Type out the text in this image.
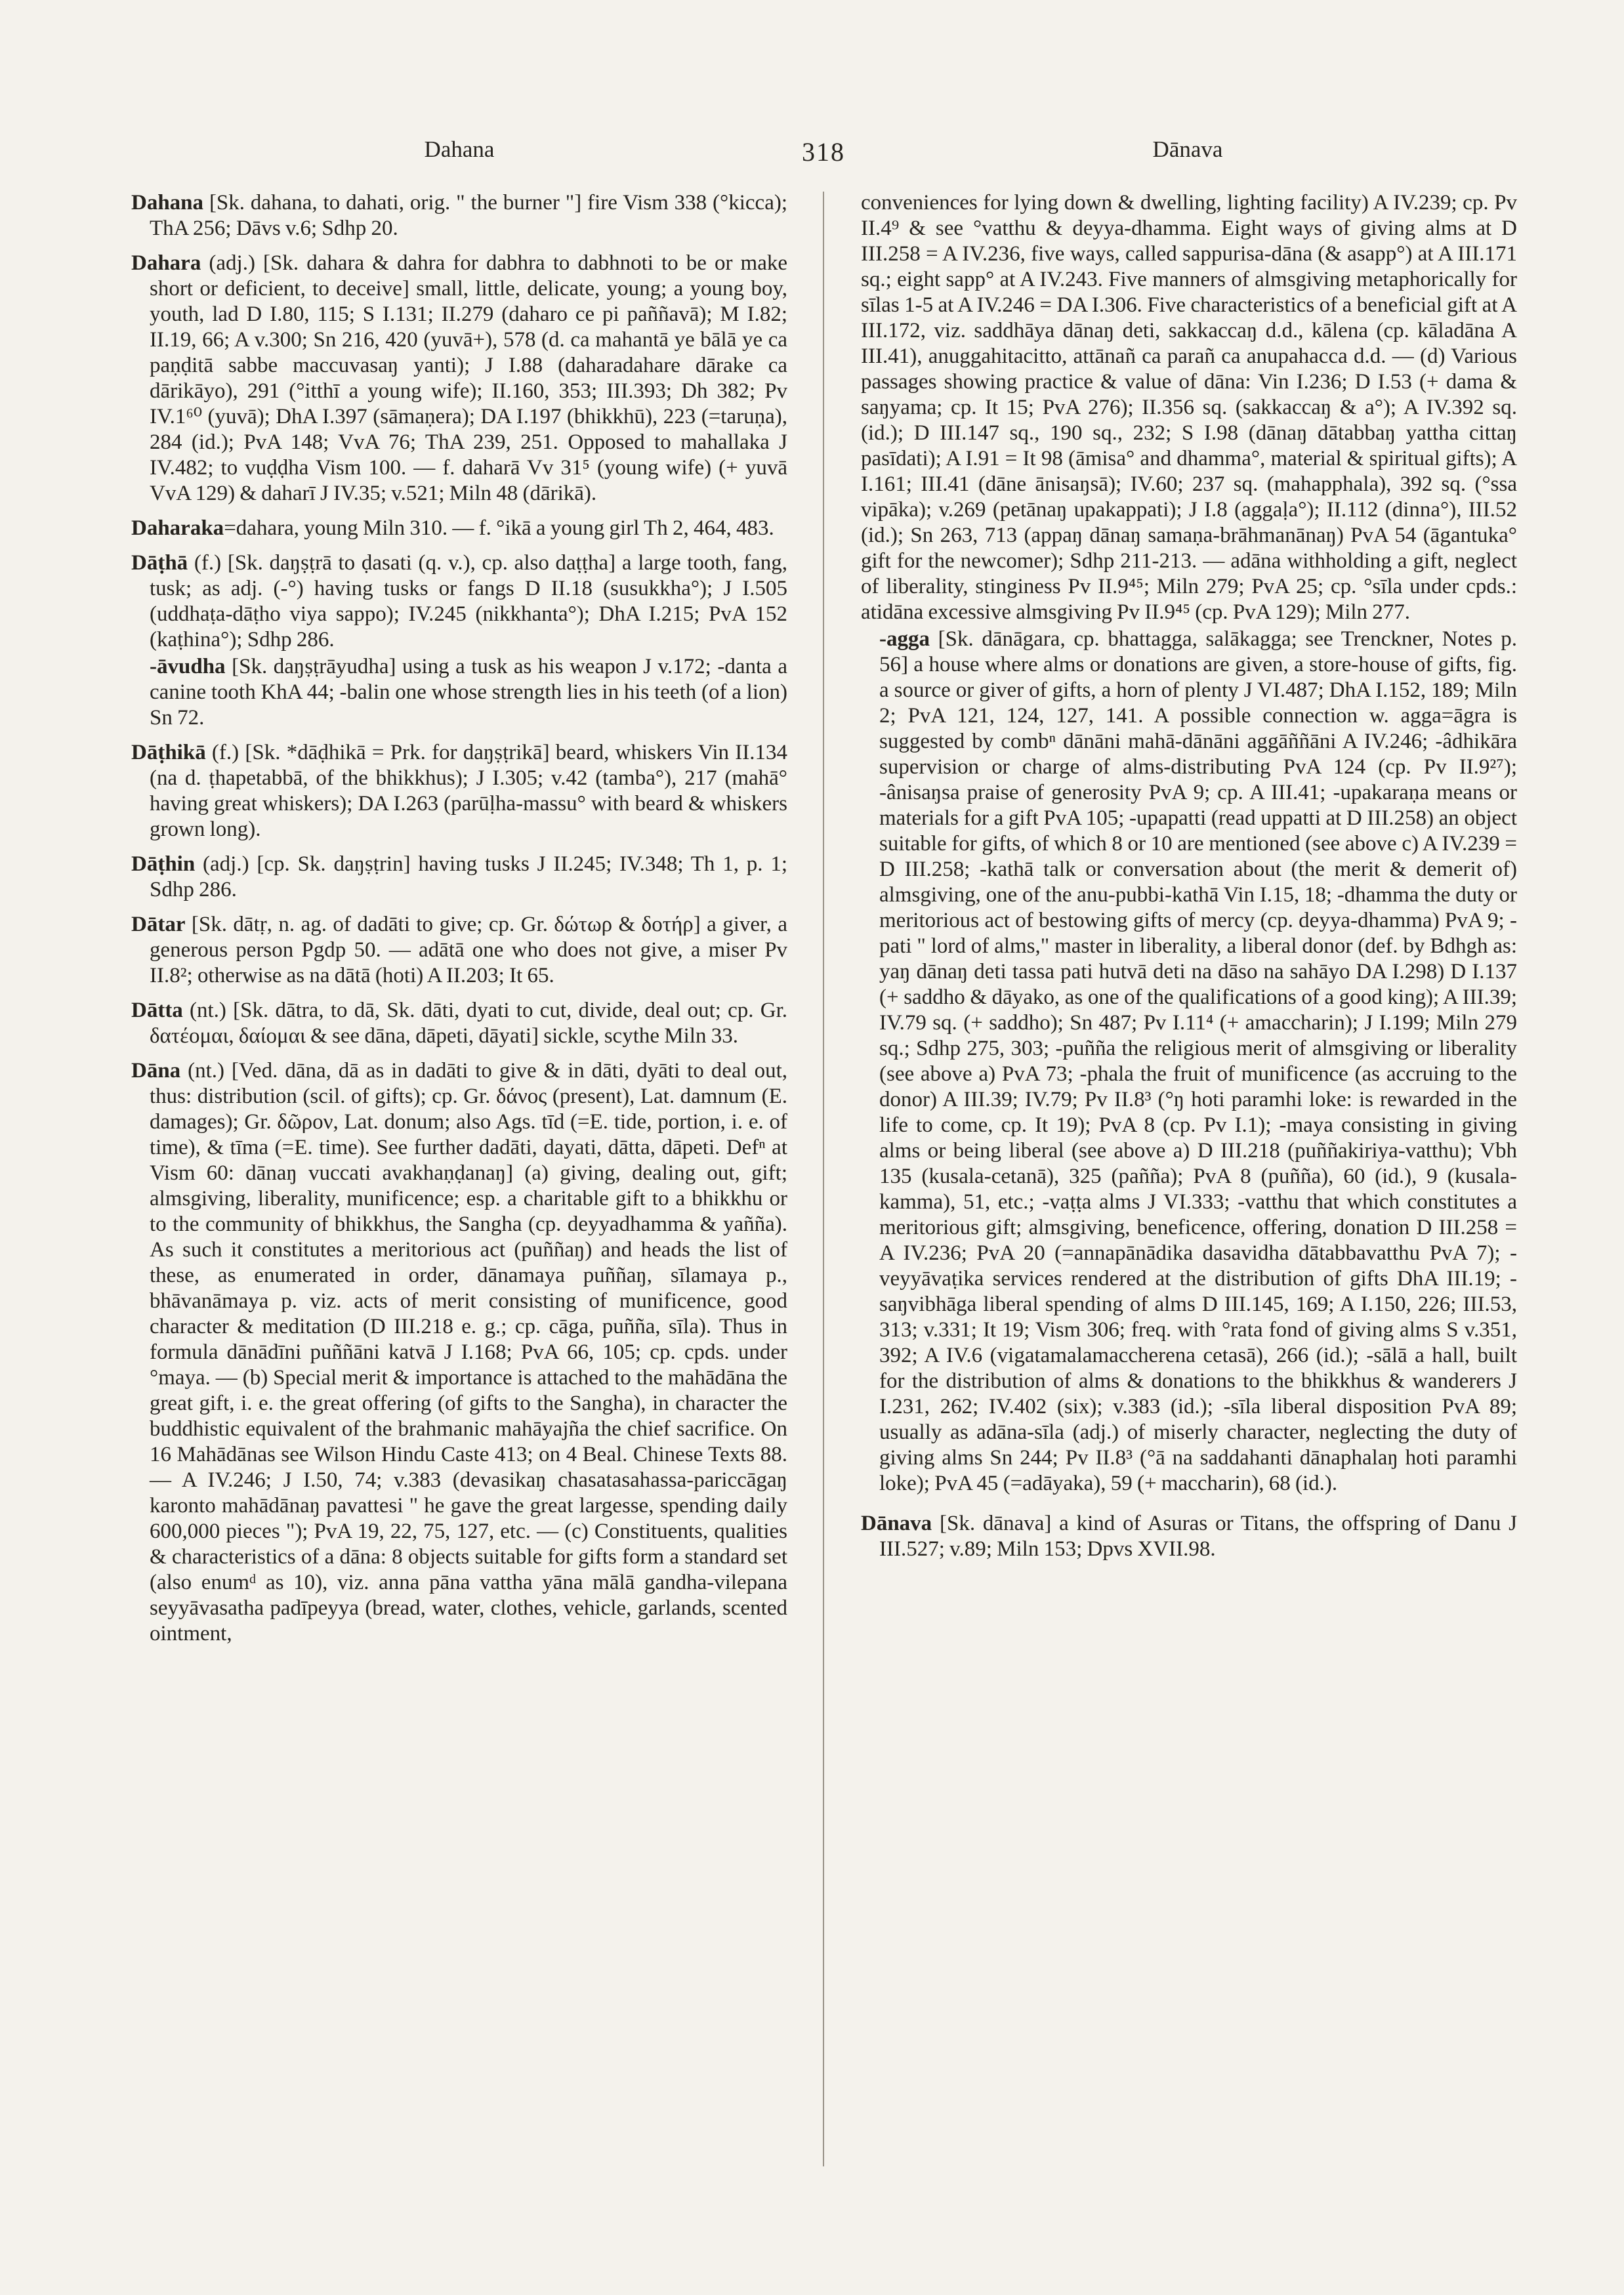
318
Dahana	Dānava

Dahana [Sk. dahana, to dahati, orig. " the burner "] fire Vism 338 (°kicca); ThA 256; Dāvs v.6; Sdhp 20.

Dahara (adj.) [Sk. dahara & dahra for dabhra to dabhnoti to be or make short or deficient, to deceive] small, little, delicate, young; a young boy, youth, lad D I.80, 115; S I.131; II.279 (daharo ce pi paññavā); M I.82; II.19, 66; A v.300; Sn 216, 420 (yuvā+), 578 (d. ca mahantā ye bālā ye ca paṇḍitā sabbe maccuvasaŋ yanti); J I.88 (daharadahare dārake ca dārikāyo), 291 (°itthī a young wife); II.160, 353; III.393; Dh 382; Pv IV.1⁶⁰ (yuvā); DhA I.397 (sāmaṇera); DA I.197 (bhikkhū), 223 (=taruṇa), 284 (id.); PvA 148; VvA 76; ThA 239, 251. Opposed to mahallaka J IV.482; to vuḍḍha Vism 100. — f. daharā Vv 31⁵ (young wife) (+ yuvā VvA 129) & daharī J IV.35; v.521; Miln 48 (dārikā).

Daharaka=dahara, young Miln 310. — f. °ikā a young girl Th 2, 464, 483.

Dāṭhā (f.) [Sk. daŋṣṭrā to ḍasati (q. v.), cp. also daṭṭha] a large tooth, fang, tusk; as adj. (-°) having tusks or fangs D II.18 (susukkha°); J I.505 (uddhaṭa-dāṭho viya sappo); IV.245 (nikkhanta°); DhA I.215; PvA 152 (kaṭhina°); Sdhp 286.

-āvudha [Sk. daŋṣṭrāyudha] using a tusk as his weapon J v.172; -danta a canine tooth KhA 44; -balin one whose strength lies in his teeth (of a lion) Sn 72.

Dāṭhikā (f.) [Sk. *dāḍhikā = Prk. for daŋṣṭrikā] beard, whiskers Vin II.134 (na d. ṭhapetabbā, of the bhikkhus); J I.305; v.42 (tamba°), 217 (mahā° having great whiskers); DA I.263 (parūḷha-massu° with beard & whiskers grown long).

Dāṭhin (adj.) [cp. Sk. daŋṣṭrin] having tusks J II.245; IV.348; Th 1, p. 1; Sdhp 286.

Dātar [Sk. dātṛ, n. ag. of dadāti to give; cp. Gr. δώτωρ & δοτήρ] a giver, a generous person Pgdp 50. — adātā one who does not give, a miser Pv II.8²; otherwise as na dātā (hoti) A II.203; It 65.

Dātta (nt.) [Sk. dātra, to dā, Sk. dāti, dyati to cut, divide, deal out; cp. Gr. δατέομαι, δαίομαι & see dāna, dāpeti, dāyati] sickle, scythe Miln 33.

Dāna (nt.) [Ved. dāna, dā as in dadāti to give & in dāti, dyāti to deal out, thus: distribution (scil. of gifts); cp. Gr. δάνος (present), Lat. damnum (E. damages); Gr. δῶρον, Lat. donum; also Ags. tīd (=E. tide, portion, i. e. of time), & tīma (=E. time). See further dadāti, dayati, dātta, dāpeti. Defⁿ at Vism 60: dānaŋ vuccati avakhaṇḍanaŋ] (a) giving, dealing out, gift; almsgiving, liberality, munificence; esp. a charitable gift to a bhikkhu or to the community of bhikkhus, the Sangha (cp. deyyadhamma & yañña). As such it constitutes a meritorious act (puññaŋ) and heads the list of these, as enumerated in order, dānamaya puññaŋ, sīlamaya p., bhāvanāmaya p. viz. acts of merit consisting of munificence, good character & meditation (D III.218 e. g.; cp. cāga, puñña, sīla). Thus in formula dānādīni puññāni katvā J I.168; PvA 66, 105; cp. cpds. under °maya. — (b) Special merit & importance is attached to the mahādāna the great gift, i. e. the great offering (of gifts to the Sangha), in character the buddhistic equivalent of the brahmanic mahāyajña the chief sacrifice. On 16 Mahādānas see Wilson Hindu Caste 413; on 4 Beal. Chinese Texts 88. — A IV.246; J I.50, 74; v.383 (devasikaŋ chasatasahassa-pariccāgaŋ karonto mahādānaŋ pavattesi " he gave the great largesse, spending daily 600,000 pieces "); PvA 19, 22, 75, 127, etc. — (c) Constituents, qualities & characteristics of a dāna: 8 objects suitable for gifts form a standard set (also enumᵈ as 10), viz. anna pāna vattha yāna mālā gandha-vilepana seyyāvasatha padīpeyya (bread, water, clothes, vehicle, garlands, scented ointment,

conveniences for lying down & dwelling, lighting facility) A IV.239; cp. Pv II.4⁹ & see °vatthu & deyya-dhamma. Eight ways of giving alms at D III.258 = A IV.236, five ways, called sappurisa-dāna (& asapp°) at A III.171 sq.; eight sapp° at A IV.243. Five manners of almsgiving metaphorically for sīlas 1-5 at A IV.246 = DA I.306. Five characteristics of a beneficial gift at A III.172, viz. saddhāya dānaŋ deti, sakkaccaŋ d.d., kālena (cp. kāladāna A III.41), anuggahitacitto, attānañ ca parañ ca anupahacca d.d. — (d) Various passages showing practice & value of dāna: Vin I.236; D I.53 (+ dama & saŋyama; cp. It 15; PvA 276); II.356 sq. (sakkaccaŋ & a°); A IV.392 sq. (id.); D III.147 sq., 190 sq., 232; S I.98 (dānaŋ dātabbaŋ yattha cittaŋ pasīdati); A I.91 = It 98 (āmisa° and dhamma°, material & spiritual gifts); A I.161; III.41 (dāne ānisaŋsā); IV.60; 237 sq. (mahapphala), 392 sq. (°ssa vipāka); v.269 (petānaŋ upakappati); J I.8 (aggaḷa°); II.112 (dinna°), III.52 (id.); Sn 263, 713 (appaŋ dānaŋ samaṇa-brāhmanānaŋ) PvA 54 (āgantuka° gift for the newcomer); Sdhp 211-213. — adāna withholding a gift, neglect of liberality, stinginess Pv II.9⁴⁵; Miln 279; PvA 25; cp. °sīla under cpds.: atidāna excessive almsgiving Pv II.9⁴⁵ (cp. PvA 129); Miln 277.

-agga [Sk. dānāgara, cp. bhattagga, salākagga; see Trenckner, Notes p. 56] a house where alms or donations are given, a store-house of gifts, fig. a source or giver of gifts, a horn of plenty J VI.487; DhA I.152, 189; Miln 2; PvA 121, 124, 127, 141. A possible connection w. agga=āgra is suggested by combⁿ dānāni mahā-dānāni aggāññāni A IV.246; -âdhikāra supervision or charge of alms-distributing PvA 124 (cp. Pv II.9²⁷); -ânisaŋsa praise of generosity PvA 9; cp. A III.41; -upakaraṇa means or materials for a gift PvA 105; -upapatti (read uppatti at D III.258) an object suitable for gifts, of which 8 or 10 are mentioned (see above c) A IV.239 = D III.258; -kathā talk or conversation about (the merit & demerit of) almsgiving, one of the anu-pubbi-kathā Vin I.15, 18; -dhamma the duty or meritorious act of bestowing gifts of mercy (cp. deyya-dhamma) PvA 9; -pati " lord of alms," master in liberality, a liberal donor (def. by Bdhgh as: yaŋ dānaŋ deti tassa pati hutvā deti na dāso na sahāyo DA I.298) D I.137 (+ saddho & dāyako, as one of the qualifications of a good king); A III.39; IV.79 sq. (+ saddho); Sn 487; Pv I.11⁴ (+ amaccharin); J I.199; Miln 279 sq.; Sdhp 275, 303; -puñña the religious merit of almsgiving or liberality (see above a) PvA 73; -phala the fruit of munificence (as accruing to the donor) A III.39; IV.79; Pv II.8³ (°ŋ hoti paramhi loke: is rewarded in the life to come, cp. It 19); PvA 8 (cp. Pv I.1); -maya consisting in giving alms or being liberal (see above a) D III.218 (puññakiriya-vatthu); Vbh 135 (kusala-cetanā), 325 (pañña); PvA 8 (puñña), 60 (id.), 9 (kusala-kamma), 51, etc.; -vaṭṭa alms J VI.333; -vatthu that which constitutes a meritorious gift; almsgiving, beneficence, offering, donation D III.258 = A IV.236; PvA 20 (=annapānādika dasavidha dātabbavatthu PvA 7); -veyyāvaṭika services rendered at the distribution of gifts DhA III.19; -saŋvibhāga liberal spending of alms D III.145, 169; A I.150, 226; III.53, 313; v.331; It 19; Vism 306; freq. with °rata fond of giving alms S v.351, 392; A IV.6 (vigatamalamaccherena cetasā), 266 (id.); -sālā a hall, built for the distribution of alms & donations to the bhikkhus & wanderers J I.231, 262; IV.402 (six); v.383 (id.); -sīla liberal disposition PvA 89; usually as adāna-sīla (adj.) of miserly character, neglecting the duty of giving alms Sn 244; Pv II.8³ (°ā na saddahanti dānaphalaŋ hoti paramhi loke); PvA 45 (=adāyaka), 59 (+ maccharin), 68 (id.).

Dānava [Sk. dānava] a kind of Asuras or Titans, the offspring of Danu J III.527; v.89; Miln 153; Dpvs XVII.98.
